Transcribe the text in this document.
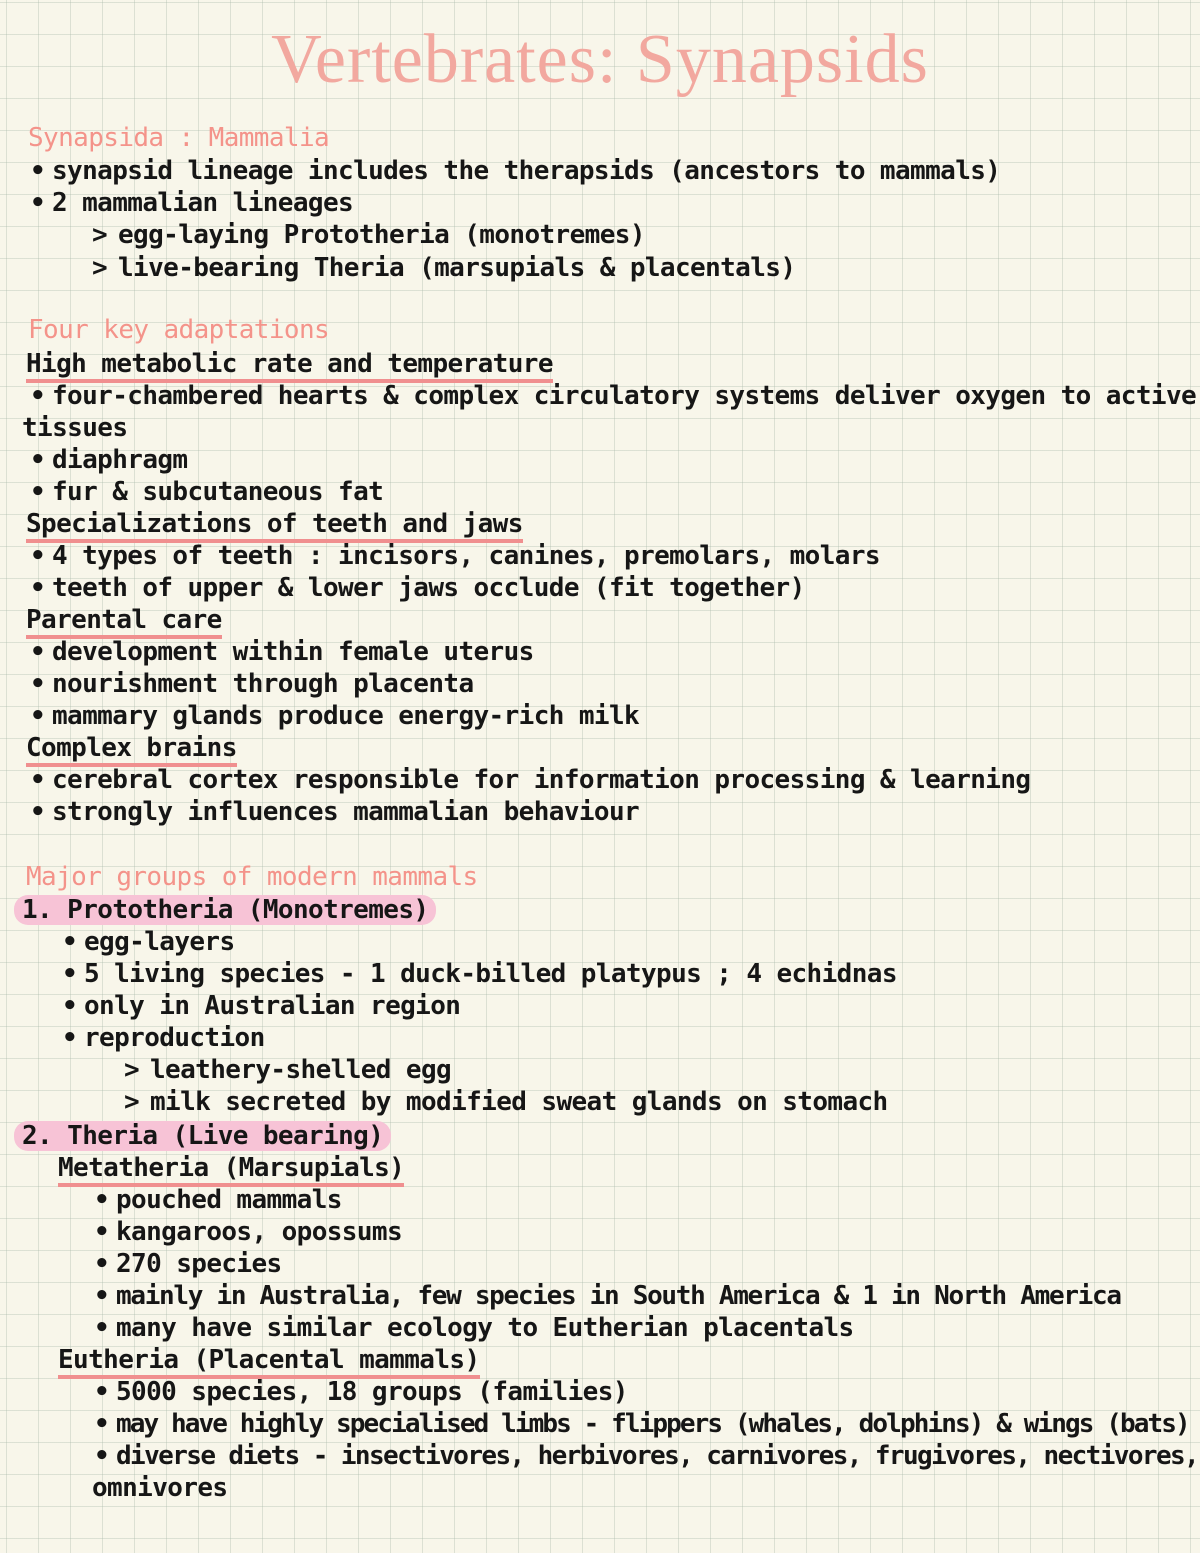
Vertebrates: Synapsids
Synapsida : Mammalia
• synapsid lineage includes the therapsids (ancestors to mammals)
• 2 mammalian lineages
> egg-laying Prototheria (monotremes)
> live-bearing Theria (marsupials & placentals)
Four key adaptations
High metabolic rate and temperature
• four-chambered hearts & complex circulatory systems deliver oxygen to active
tissues
• diaphragm
• fur & subcutaneous fat
Specializations of teeth and jaws
• 4 types of teeth : incisors, canines, premolars, molars
• teeth of upper & lower jaws occlude (fit together)
Parental care
• development within female uterus
• nourishment through placenta
• mammary glands produce energy-rich milk
Complex brains
• cerebral cortex responsible for information processing & learning
• strongly influences mammalian behaviour
Major groups of modern mammals
1. Prototheria (Monotremes)
• egg-layers
• 5 living species - 1 duck-billed platypus ; 4 echidnas
• only in Australian region
• reproduction
> leathery-shelled egg
> milk secreted by modified sweat glands on stomach
2. Theria (Live bearing)
Metatheria (Marsupials)
• pouched mammals
• kangaroos, opossums
• 270 species
• mainly in Australia, few species in South America & 1 in North America
• many have similar ecology to Eutherian placentals
Eutheria (Placental mammals)
• 5000 species, 18 groups (families)
• may have highly specialised limbs - flippers (whales, dolphins) & wings (bats)
• diverse diets - insectivores, herbivores, carnivores, frugivores, nectivores,
omnivores
